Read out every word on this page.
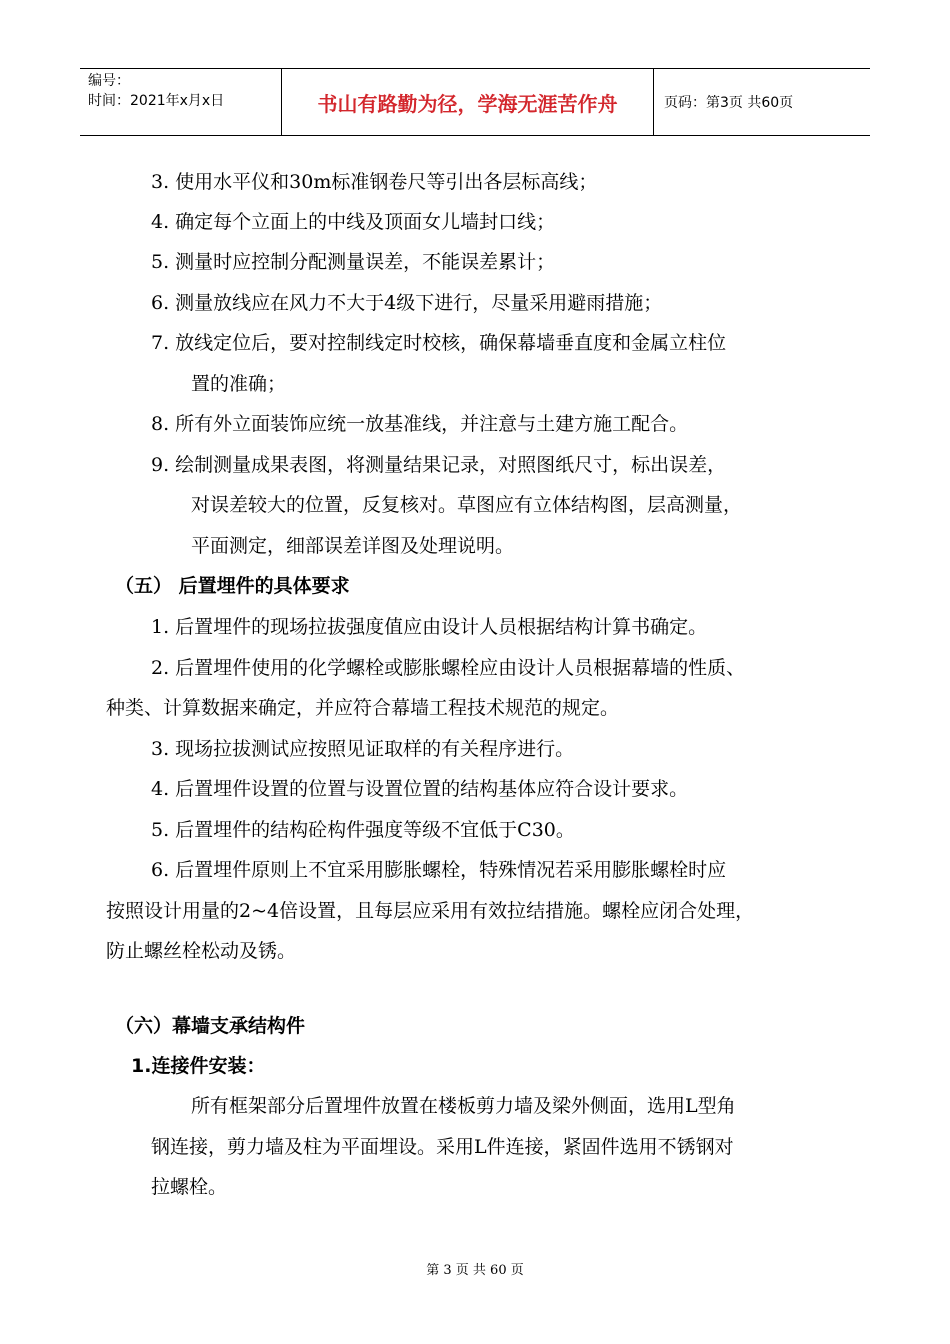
编号：
时间：2021年x月x日	书山有路勤为径，学海无涯苦作舟	页码：第3页 共60页
3. 使用水平仪和30m标准钢卷尺等引出各层标高线；
4. 确定每个立面上的中线及顶面女儿墙封口线；
5. 测量时应控制分配测量误差，不能误差累计；
6. 测量放线应在风力不大于4级下进行，尽量采用避雨措施；
7. 放线定位后，要对控制线定时校核，确保幕墙垂直度和金属立柱位
置的准确；
8. 所有外立面装饰应统一放基准线，并注意与土建方施工配合。
9. 绘制测量成果表图，将测量结果记录，对照图纸尺寸，标出误差，
对误差较大的位置，反复核对。草图应有立体结构图，层高测量，
平面测定，细部误差详图及处理说明。
（五） 后置埋件的具体要求
1. 后置埋件的现场拉拔强度值应由设计人员根据结构计算书确定。
2. 后置埋件使用的化学螺栓或膨胀螺栓应由设计人员根据幕墙的性质、
种类、计算数据来确定，并应符合幕墙工程技术规范的规定。
3. 现场拉拔测试应按照见证取样的有关程序进行。
4. 后置埋件设置的位置与设置位置的结构基体应符合设计要求。
5. 后置埋件的结构砼构件强度等级不宜低于C30。
6. 后置埋件原则上不宜采用膨胀螺栓，特殊情况若采用膨胀螺栓时应
按照设计用量的2~4倍设置，且每层应采用有效拉结措施。螺栓应闭合处理，
防止螺丝栓松动及锈。
（六）幕墙支承结构件
1.连接件安装：
所有框架部分后置埋件放置在楼板剪力墙及梁外侧面，选用L型角
钢连接，剪力墙及柱为平面埋设。采用L件连接，紧固件选用不锈钢对
拉螺栓。
第 3 页 共 60 页
